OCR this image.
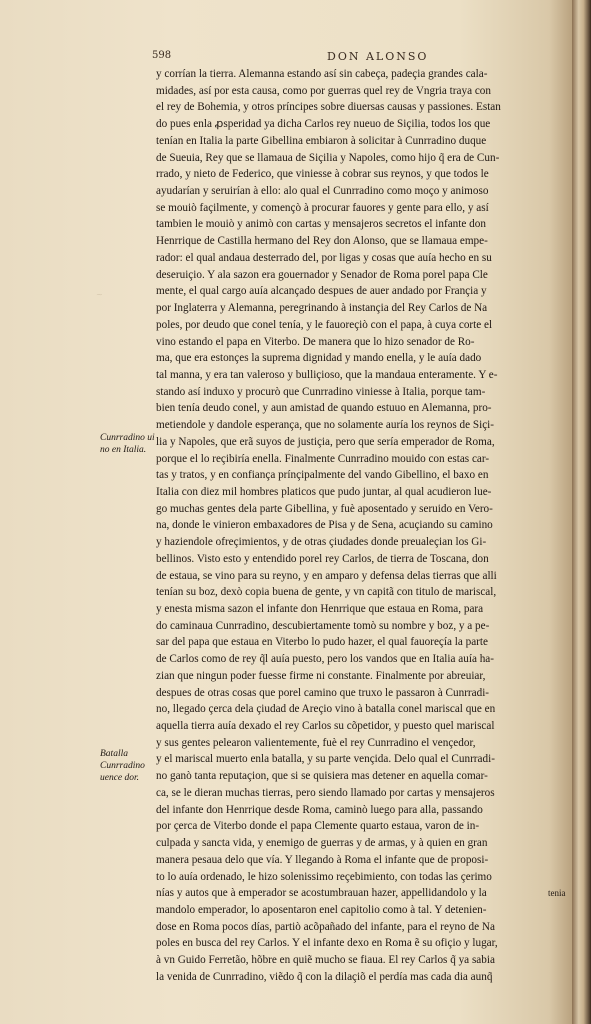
~
598	DON ALONSO
y corrían la tierra. Alemanna estando así sin cabeça, padeçia grandes cala-
midades, así por esta causa, como por guerras quel rey de Vngria traya con
el rey de Bohemia, y otros príncipes sobre diuersas causas y passiones. Estan
do pues enla ꝓsperidad ya dicha Carlos rey nueuo de Siçilia, todos los que
tenían en Italia la parte Gibellina embiaron à solicitar à Cunrradino duque
de Sueuia, Rey que se llamaua de Siçilia y Napoles, como hijo q̃ era de Cun-
rrado, y nieto de Federico, que viniesse à cobrar sus reynos, y que todos le
ayudarían y seruirían à ello: alo qual el Cunrradino como moço y animoso
se mouiò façilmente, y començò à procurar fauores y gente para ello, y así
tambien le mouiò y animò con cartas y mensajeros secretos el infante don
Henrrique de Castilla hermano del Rey don Alonso, que se llamaua empe-
rador: el qual andaua desterrado del, por ligas y cosas que auía hecho en su
deseruiçio. Y ala sazon era gouernador y Senador de Roma porel papa Cle
mente, el qual cargo auía alcançado despues de auer andado por Françia y
por Inglaterra y Alemanna, peregrinando à instançia del Rey Carlos de Na
poles, por deudo que conel tenía, y le fauoreçiò con el papa, à cuya corte el
vino estando el papa en Viterbo. De manera que lo hizo senador de Ro-
ma, que era estonçes la suprema dignidad y mando enella, y le auía dado
tal manna, y era tan valeroso y bulliçioso, que la mandaua enteramente. Y e-
stando así induxo y procurò que Cunrradino viniesse à Italia, porque tam-
bien tenía deudo conel, y aun amistad de quando estuuo en Alemanna, pro-
metiendole y dandole esperança, que no solamente auría los reynos de Siçi-
lia y Napoles, que erã suyos de justiçia, pero que sería emperador de Roma,
porque el lo reçibiría enella. Finalmente Cunrradino mouido con estas car-
tas y tratos, y en confiança prínçipalmente del vando Gibellino, el baxo en
Italia con diez mil hombres platicos que pudo juntar, al qual acudieron lue-
go muchas gentes dela parte Gibellina, y fuè aposentado y seruido en Vero-
na, donde le vinieron embaxadores de Pisa y de Sena, acuçiando su camino
y haziendole ofreçimientos, y de otras çiudades donde preualeçian los Gi-
bellinos. Visto esto y entendido porel rey Carlos, de tierra de Toscana, don
de estaua, se vino para su reyno, y en amparo y defensa delas tierras que alli
tenían su boz, dexò copia buena de gente, y vn capitã con titulo de mariscal,
y enesta misma sazon el infante don Henrrique que estaua en Roma, para
do caminaua Cunrradino, descubiertamente tomò su nombre y boz, y a pe-
sar del papa que estaua en Viterbo lo pudo hazer, el qual fauoreçía la parte
de Carlos como de rey q̃l auía puesto, pero los vandos que en Italia auía ha-
zian que ningun poder fuesse firme ni constante. Finalmente por abreuiar,
despues de otras cosas que porel camino que truxo le passaron à Cunrradi-
no, llegado çerca dela çiudad de Areçio vino à batalla conel mariscal que en
aquella tierra auía dexado el rey Carlos su cõpetidor, y puesto quel mariscal
y sus gentes pelearon valientemente, fuè el rey Cunrradino el vençedor,
y el mariscal muerto enla batalla, y su parte vençida. Delo qual el Cunrradi-
no ganò tanta reputaçion, que si se quisiera mas detener en aquella comar-
ca, se le dieran muchas tierras, pero siendo llamado por cartas y mensajeros
del infante don Henrrique desde Roma, caminò luego para alla, passando
por çerca de Viterbo donde el papa Clemente quarto estaua, varon de in-
culpada y sancta vida, y enemigo de guerras y de armas, y à quien en gran
manera pesaua delo que vía. Y llegando à Roma el infante que de proposi-
to lo auía ordenado, le hizo solenissimo reçebimiento, con todas las çerimo
nías y autos que à emperador se acostumbrauan hazer, appellidandolo y la
mandolo emperador, lo aposentaron enel capitolio como à tal. Y detenien-
dose en Roma pocos días, partiò acõpañado del infante, para el reyno de Na
poles en busca del rey Carlos. Y el infante dexo en Roma ẽ su ofiçio y lugar,
à vn Guido Ferretão, hõbre en quiẽ mucho se fiaua. El rey Carlos q̃ ya sabia
la venida de Cunrradino, viẽdo q̃ con la dilaçiõ el perdía mas cada dia aunq̃
Cunrradino ui no en Italia.
Batalla Cunrradino uence dor.
tenia
